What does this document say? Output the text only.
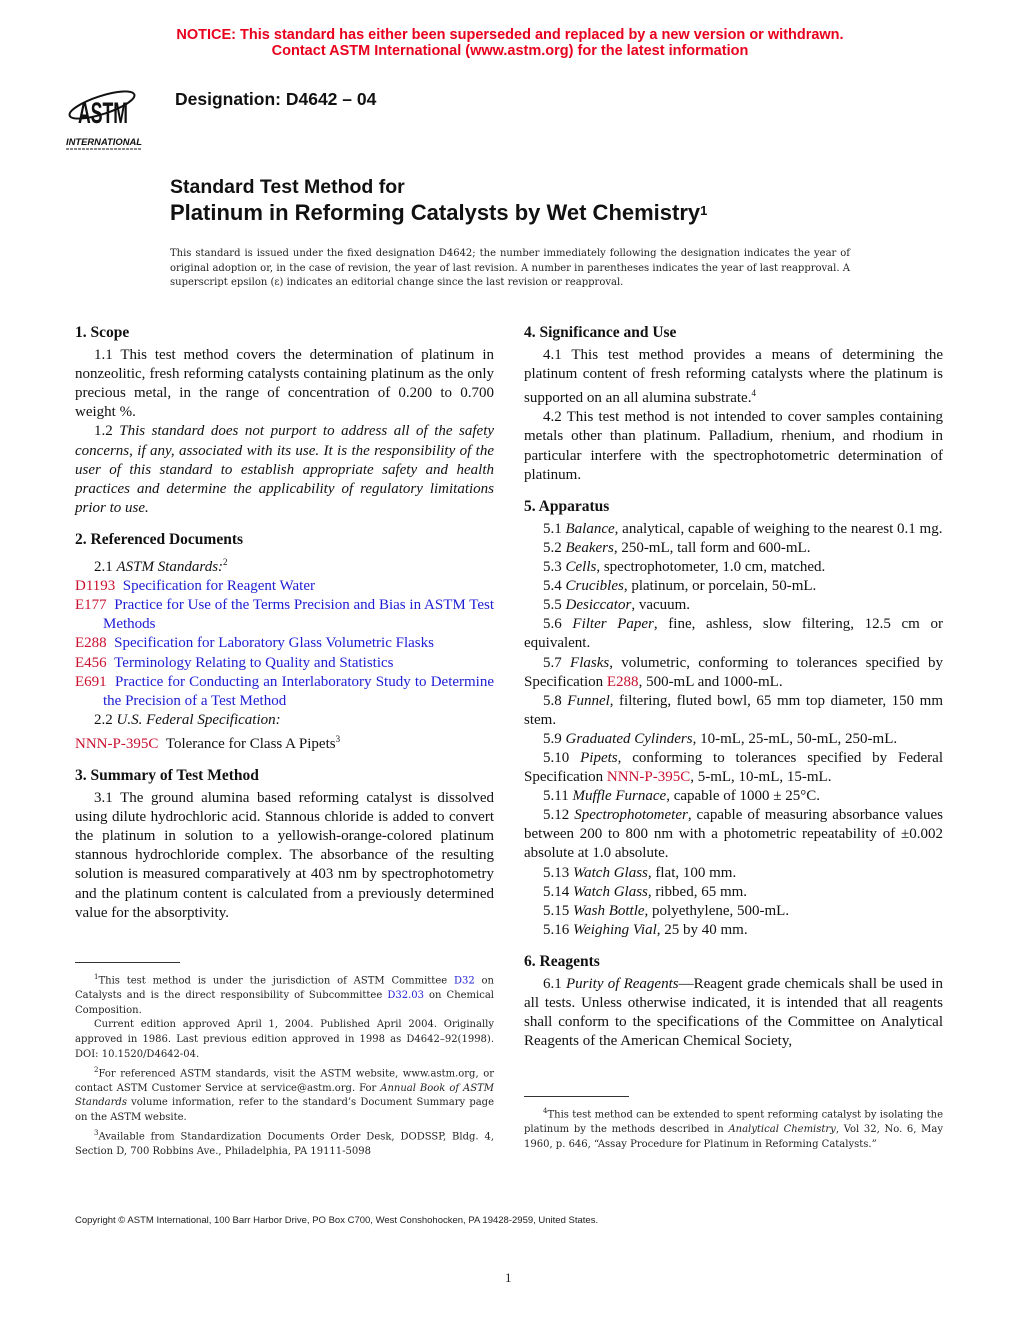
NOTICE: This standard has either been superseded and replaced by a new version or withdrawn.
Contact ASTM International (www.astm.org) for the latest information
ASTM
INTERNATIONAL
Designation: D4642 – 04
Standard Test Method for
Platinum in Reforming Catalysts by Wet Chemistry$^1$
This standard is issued under the fixed designation D4642; the number immediately following the designation indicates the year of original adoption or, in the case of revision, the year of last revision. A number in parentheses indicates the year of last reapproval. A superscript epsilon (ε) indicates an editorial change since the last revision or reapproval.
1. Scope

1.1 This test method covers the determination of platinum in nonzeolitic, fresh reforming catalysts containing platinum as the only precious metal, in the range of concentration of 0.200 to 0.700 weight %.

1.2 This standard does not purport to address all of the safety concerns, if any, associated with its use. It is the responsibility of the user of this standard to establish appropriate safety and health practices and determine the applicability of regulatory limitations prior to use.

2. Referenced Documents

2.1 ASTM Standards:$^2$

D1193 Specification for Reagent Water

E177 Practice for Use of the Terms Precision and Bias in ASTM Test Methods

E288 Specification for Laboratory Glass Volumetric Flasks

E456 Terminology Relating to Quality and Statistics

E691 Practice for Conducting an Interlaboratory Study to Determine the Precision of a Test Method

2.2 U.S. Federal Specification:

NNN-P-395C Tolerance for Class A Pipets$^3$

3. Summary of Test Method

3.1 The ground alumina based reforming catalyst is dissolved using dilute hydrochloric acid. Stannous chloride is added to convert the platinum in solution to a yellowish-orange-colored platinum stannous hydrochloride complex. The absorbance of the resulting solution is measured comparatively at 403 nm by spectrophotometry and the platinum content is calculated from a previously determined value for the absorptivity.

$^1$This test method is under the jurisdiction of ASTM Committee D32 on Catalysts and is the direct responsibility of Subcommittee D32.03 on Chemical Composition.

Current edition approved April 1, 2004. Published April 2004. Originally approved in 1986. Last previous edition approved in 1998 as D4642–92(1998). DOI: 10.1520/D4642-04.

$^2$For referenced ASTM standards, visit the ASTM website, www.astm.org, or contact ASTM Customer Service at service@astm.org. For Annual Book of ASTM Standards volume information, refer to the standard’s Document Summary page on the ASTM website.

$^3$Available from Standardization Documents Order Desk, DODSSP, Bldg. 4, Section D, 700 Robbins Ave., Philadelphia, PA 19111-5098

4. Significance and Use

4.1 This test method provides a means of determining the platinum content of fresh reforming catalysts where the platinum is supported on an all alumina substrate.$^4$

4.2 This test method is not intended to cover samples containing metals other than platinum. Palladium, rhenium, and rhodium in particular interfere with the spectrophotometric determination of platinum.

5. Apparatus

5.1 Balance, analytical, capable of weighing to the nearest 0.1 mg.

5.2 Beakers, 250-mL, tall form and 600-mL.

5.3 Cells, spectrophotometer, 1.0 cm, matched.

5.4 Crucibles, platinum, or porcelain, 50-mL.

5.5 Desiccator, vacuum.

5.6 Filter Paper, fine, ashless, slow filtering, 12.5 cm or equivalent.

5.7 Flasks, volumetric, conforming to tolerances specified by Specification E288, 500-mL and 1000-mL.

5.8 Funnel, filtering, fluted bowl, 65 mm top diameter, 150 mm stem.

5.9 Graduated Cylinders, 10-mL, 25-mL, 50-mL, 250-mL.

5.10 Pipets, conforming to tolerances specified by Federal Specification NNN-P-395C, 5-mL, 10-mL, 15-mL.

5.11 Muffle Furnace, capable of 1000 ± 25°C.

5.12 Spectrophotometer, capable of measuring absorbance values between 200 to 800 nm with a photometric repeatability of ±0.002 absolute at 1.0 absolute.

5.13 Watch Glass, flat, 100 mm.

5.14 Watch Glass, ribbed, 65 mm.

5.15 Wash Bottle, polyethylene, 500-mL.

5.16 Weighing Vial, 25 by 40 mm.

6. Reagents

6.1 Purity of Reagents—Reagent grade chemicals shall be used in all tests. Unless otherwise indicated, it is intended that all reagents shall conform to the specifications of the Committee on Analytical Reagents of the American Chemical Society,

$^4$This test method can be extended to spent reforming catalyst by isolating the platinum by the methods described in Analytical Chemistry, Vol 32, No. 6, May 1960, p. 646, “Assay Procedure for Platinum in Reforming Catalysts.”

Copyright © ASTM International, 100 Barr Harbor Drive, PO Box C700, West Conshohocken, PA 19428-2959, United States.
1
